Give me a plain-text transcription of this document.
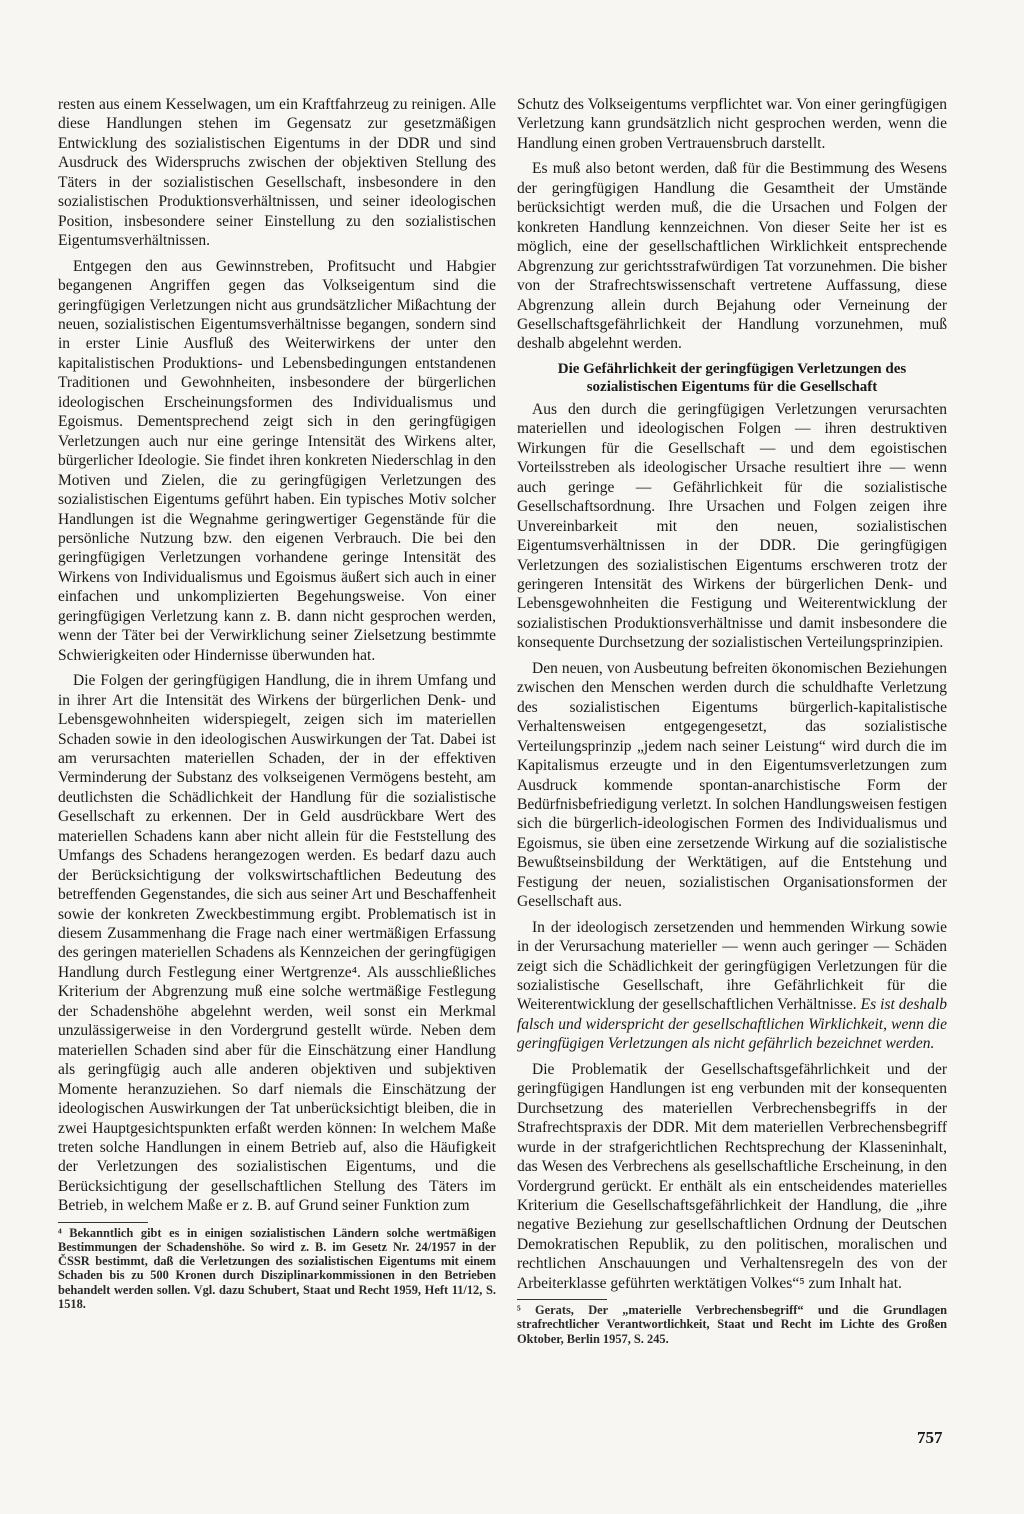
resten aus einem Kesselwagen, um ein Kraftfahrzeug zu reinigen. Alle diese Handlungen stehen im Gegensatz zur gesetzmäßigen Entwicklung des sozialistischen Eigentums in der DDR und sind Ausdruck des Widerspruchs zwischen der objektiven Stellung des Täters in der sozialistischen Gesellschaft, insbesondere in den sozialistischen Produktionsverhältnissen, und seiner ideologischen Position, insbesondere seiner Einstellung zu den sozialistischen Eigentumsverhältnissen.

Entgegen den aus Gewinnstreben, Profitsucht und Habgier begangenen Angriffen gegen das Volkseigentum sind die geringfügigen Verletzungen nicht aus grundsätzlicher Mißachtung der neuen, sozialistischen Eigentumsverhältnisse begangen, sondern sind in erster Linie Ausfluß des Weiterwirkens der unter den kapitalistischen Produktions- und Lebensbedingungen entstandenen Traditionen und Gewohnheiten, insbesondere der bürgerlichen ideologischen Erscheinungsformen des Individualismus und Egoismus. Dementsprechend zeigt sich in den geringfügigen Verletzungen auch nur eine geringe Intensität des Wirkens alter, bürgerlicher Ideologie. Sie findet ihren konkreten Niederschlag in den Motiven und Zielen, die zu geringfügigen Verletzungen des sozialistischen Eigentums geführt haben. Ein typisches Motiv solcher Handlungen ist die Wegnahme geringwertiger Gegenstände für die persönliche Nutzung bzw. den eigenen Verbrauch. Die bei den geringfügigen Verletzungen vorhandene geringe Intensität des Wirkens von Individualismus und Egoismus äußert sich auch in einer einfachen und unkomplizierten Begehungsweise. Von einer geringfügigen Verletzung kann z. B. dann nicht gesprochen werden, wenn der Täter bei der Verwirklichung seiner Zielsetzung bestimmte Schwierigkeiten oder Hindernisse überwunden hat.

Die Folgen der geringfügigen Handlung, die in ihrem Umfang und in ihrer Art die Intensität des Wirkens der bürgerlichen Denk- und Lebensgewohnheiten widerspiegelt, zeigen sich im materiellen Schaden sowie in den ideologischen Auswirkungen der Tat. Dabei ist am verursachten materiellen Schaden, der in der effektiven Verminderung der Substanz des volkseigenen Vermögens besteht, am deutlichsten die Schädlichkeit der Handlung für die sozialistische Gesellschaft zu erkennen. Der in Geld ausdrückbare Wert des materiellen Schadens kann aber nicht allein für die Feststellung des Umfangs des Schadens herangezogen werden. Es bedarf dazu auch der Berücksichtigung der volkswirtschaftlichen Bedeutung des betreffenden Gegenstandes, die sich aus seiner Art und Beschaffenheit sowie der konkreten Zweckbestimmung ergibt. Problematisch ist in diesem Zusammenhang die Frage nach einer wertmäßigen Erfassung des geringen materiellen Schadens als Kennzeichen der geringfügigen Handlung durch Festlegung einer Wertgrenze⁴. Als ausschließliches Kriterium der Abgrenzung muß eine solche wertmäßige Festlegung der Schadenshöhe abgelehnt werden, weil sonst ein Merkmal unzulässigerweise in den Vordergrund gestellt würde. Neben dem materiellen Schaden sind aber für die Einschätzung einer Handlung als geringfügig auch alle anderen objektiven und subjektiven Momente heranzuziehen. So darf niemals die Einschätzung der ideologischen Auswirkungen der Tat unberücksichtigt bleiben, die in zwei Hauptgesichtspunkten erfaßt werden können: In welchem Maße treten solche Handlungen in einem Betrieb auf, also die Häufigkeit der Verletzungen des sozialistischen Eigentums, und die Berücksichtigung der gesellschaftlichen Stellung des Täters im Betrieb, in welchem Maße er z. B. auf Grund seiner Funktion zum

⁴ Bekanntlich gibt es in einigen sozialistischen Ländern solche wertmäßigen Bestimmungen der Schadenshöhe. So wird z. B. im Gesetz Nr. 24/1957 in der ČSSR bestimmt, daß die Verletzungen des sozialistischen Eigentums mit einem Schaden bis zu 500 Kronen durch Disziplinarkommissionen in den Betrieben behandelt werden sollen. Vgl. dazu Schubert, Staat und Recht 1959, Heft 11/12, S. 1518.

Schutz des Volkseigentums verpflichtet war. Von einer geringfügigen Verletzung kann grundsätzlich nicht gesprochen werden, wenn die Handlung einen groben Vertrauensbruch darstellt.

Es muß also betont werden, daß für die Bestimmung des Wesens der geringfügigen Handlung die Gesamtheit der Umstände berücksichtigt werden muß, die die Ursachen und Folgen der konkreten Handlung kennzeichnen. Von dieser Seite her ist es möglich, eine der gesellschaftlichen Wirklichkeit entsprechende Abgrenzung zur gerichtsstrafwürdigen Tat vorzunehmen. Die bisher von der Strafrechtswissenschaft vertretene Auffassung, diese Abgrenzung allein durch Bejahung oder Verneinung der Gesellschaftsgefährlichkeit der Handlung vorzunehmen, muß deshalb abgelehnt werden.

Die Gefährlichkeit der geringfügigen Verletzungen des sozialistischen Eigentums für die Gesellschaft

Aus den durch die geringfügigen Verletzungen verursachten materiellen und ideologischen Folgen — ihren destruktiven Wirkungen für die Gesellschaft — und dem egoistischen Vorteilsstreben als ideologischer Ursache resultiert ihre — wenn auch geringe — Gefährlichkeit für die sozialistische Gesellschaftsordnung. Ihre Ursachen und Folgen zeigen ihre Unvereinbarkeit mit den neuen, sozialistischen Eigentumsverhältnissen in der DDR. Die geringfügigen Verletzungen des sozialistischen Eigentums erschweren trotz der geringeren Intensität des Wirkens der bürgerlichen Denk- und Lebensgewohnheiten die Festigung und Weiterentwicklung der sozialistischen Produktionsverhältnisse und damit insbesondere die konsequente Durchsetzung der sozialistischen Verteilungsprinzipien.

Den neuen, von Ausbeutung befreiten ökonomischen Beziehungen zwischen den Menschen werden durch die schuldhafte Verletzung des sozialistischen Eigentums bürgerlich-kapitalistische Verhaltensweisen entgegengesetzt, das sozialistische Verteilungsprinzip „jedem nach seiner Leistung“ wird durch die im Kapitalismus erzeugte und in den Eigentumsverletzungen zum Ausdruck kommende spontan-anarchistische Form der Bedürfnisbefriedigung verletzt. In solchen Handlungsweisen festigen sich die bürgerlich-ideologischen Formen des Individualismus und Egoismus, sie üben eine zersetzende Wirkung auf die sozialistische Bewußtseinsbildung der Werktätigen, auf die Entstehung und Festigung der neuen, sozialistischen Organisationsformen der Gesellschaft aus.

In der ideologisch zersetzenden und hemmenden Wirkung sowie in der Verursachung materieller — wenn auch geringer — Schäden zeigt sich die Schädlichkeit der geringfügigen Verletzungen für die sozialistische Gesellschaft, ihre Gefährlichkeit für die Weiterentwicklung der gesellschaftlichen Verhältnisse. Es ist deshalb falsch und widerspricht der gesellschaftlichen Wirklichkeit, wenn die geringfügigen Verletzungen als nicht gefährlich bezeichnet werden.

Die Problematik der Gesellschaftsgefährlichkeit und der geringfügigen Handlungen ist eng verbunden mit der konsequenten Durchsetzung des materiellen Verbrechensbegriffs in der Strafrechtspraxis der DDR. Mit dem materiellen Verbrechensbegriff wurde in der strafgerichtlichen Rechtsprechung der Klasseninhalt, das Wesen des Verbrechens als gesellschaftliche Erscheinung, in den Vordergrund gerückt. Er enthält als ein entscheidendes materielles Kriterium die Gesellschaftsgefährlichkeit der Handlung, die „ihre negative Beziehung zur gesellschaftlichen Ordnung der Deutschen Demokratischen Republik, zu den politischen, moralischen und rechtlichen Anschauungen und Verhaltensregeln des von der Arbeiterklasse geführten werktätigen Volkes“⁵ zum Inhalt hat.

⁵ Gerats, Der „materielle Verbrechensbegriff“ und die Grundlagen strafrechtlicher Verantwortlichkeit, Staat und Recht im Lichte des Großen Oktober, Berlin 1957, S. 245.

757
